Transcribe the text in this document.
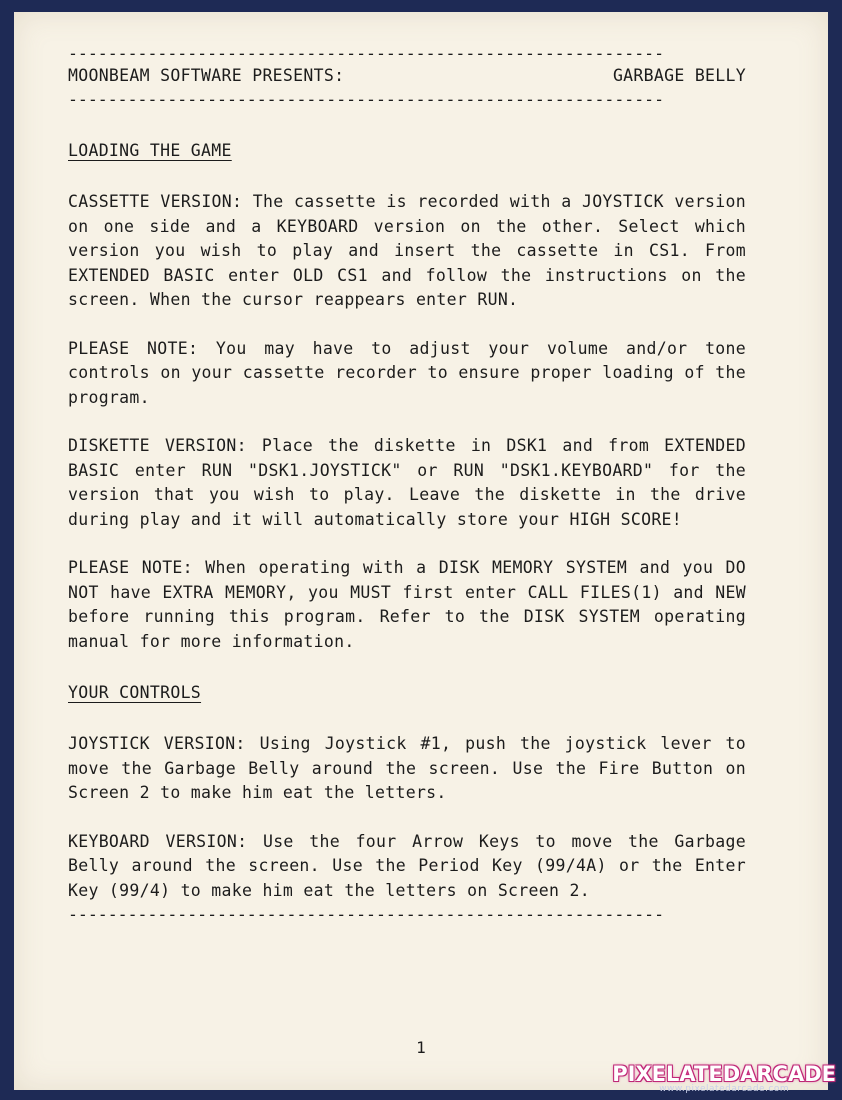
------------------------------------------------------------
MOONBEAM SOFTWARE PRESENTS:	GARBAGE BELLY
------------------------------------------------------------
LOADING THE GAME

CASSETTE VERSION: The cassette is recorded with a JOYSTICK version on one side and a KEYBOARD version on the other. Select which version you wish to play and insert the cassette in CS1. From EXTENDED BASIC enter OLD CS1 and follow the instructions on the screen. When the cursor reappears enter RUN.

PLEASE NOTE: You may have to adjust your volume and/or tone controls on your cassette recorder to ensure proper loading of the program.

DISKETTE VERSION: Place the diskette in DSK1 and from EXTENDED BASIC enter RUN "DSK1.JOYSTICK" or RUN "DSK1.KEYBOARD" for the version that you wish to play. Leave the diskette in the drive during play and it will automatically store your HIGH SCORE!

PLEASE NOTE: When operating with a DISK MEMORY SYSTEM and you DO NOT have EXTRA MEMORY, you MUST first enter CALL FILES(1) and NEW before running this program. Refer to the DISK SYSTEM operating manual for more information.

YOUR CONTROLS

JOYSTICK VERSION: Using Joystick #1, push the joystick lever to move the Garbage Belly around the screen. Use the Fire Button on Screen 2 to make him eat the letters.

KEYBOARD VERSION: Use the four Arrow Keys to move the Garbage Belly around the screen. Use the Period Key (99/4A) or the Enter Key (99/4) to make him eat the letters on Screen 2.

------------------------------------------------------------
1
PIXELATEDARCADE
www.pixelatedarcade.com
